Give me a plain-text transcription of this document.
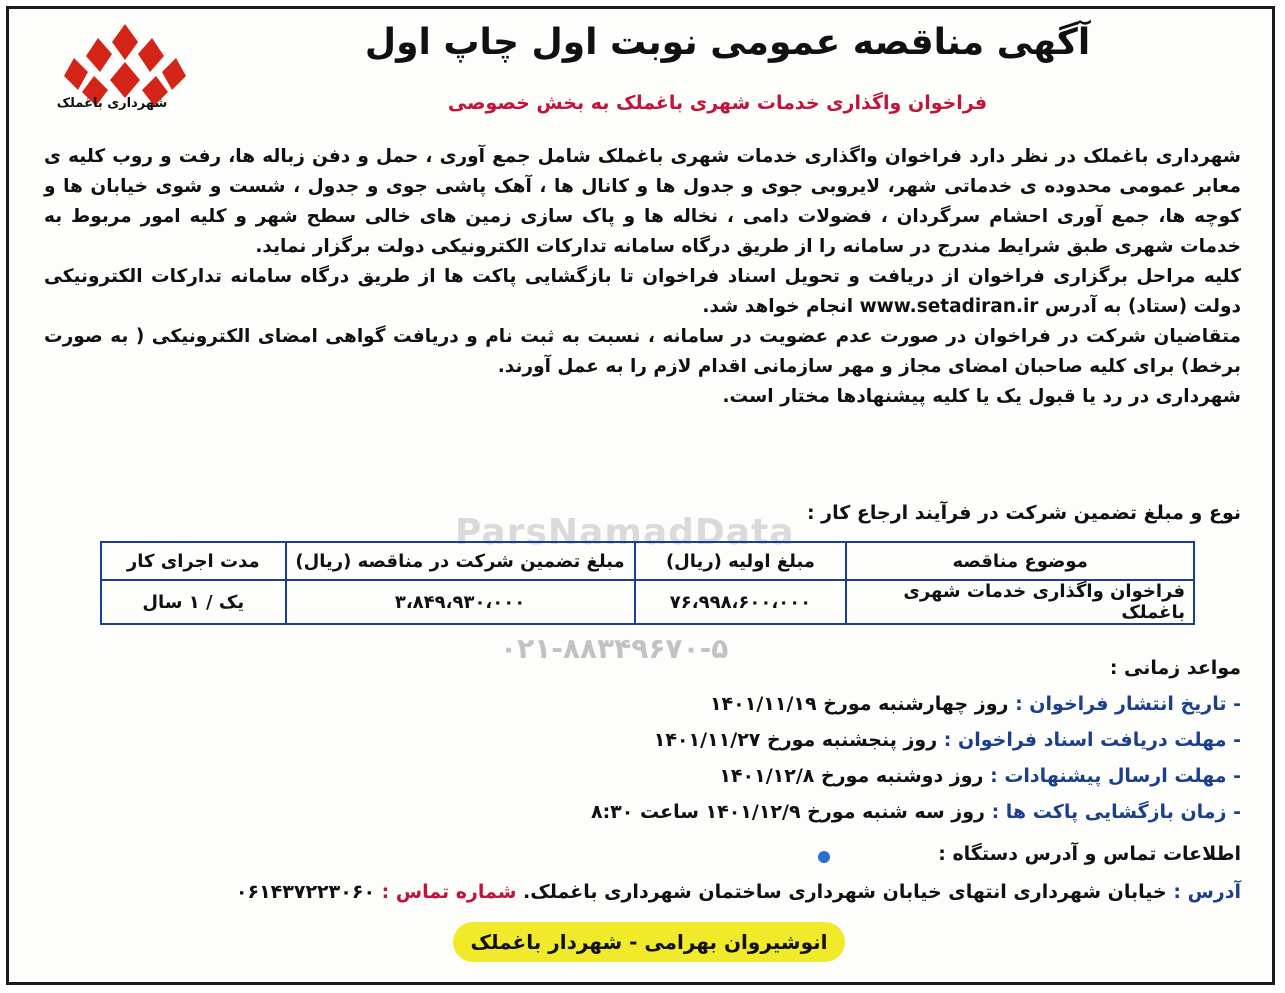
شهرداری باغملک
آگهی مناقصه عمومی نوبت اول چاپ اول
فراخوان واگذاری خدمات شهری باغملک به بخش خصوصی

شهرداری باغملک در نظر دارد فراخوان واگذاری خدمات شهری باغملک شامل جمع آوری ، حمل و دفن زباله ها، رفت و روب کلیه ی معابر عمومی محدوده ی خدماتی شهر، لایروبی جوی و جدول ها و کانال ها ، آهک پاشی جوی و جدول ، شست و شوی خیابان ها و کوچه ها، جمع آوری احشام سرگردان ، فضولات دامی ، نخاله ها و پاک سازی زمین های خالی سطح شهر و کلیه امور مربوط به خدمات شهری طبق شرایط مندرج در سامانه را از طریق درگاه سامانه تدارکات الکترونیکی دولت برگزار نماید.

کلیه مراحل برگزاری فراخوان از دریافت و تحویل اسناد فراخوان تا بازگشایی پاکت ها از طریق درگاه سامانه تدارکات الکترونیکی دولت (ستاد) به آدرس www.setadiran.ir انجام خواهد شد.

متقاضیان شرکت در فراخوان در صورت عدم عضویت در سامانه ، نسبت به ثبت نام و دریافت گواهی امضای الکترونیکی ( به صورت برخط) برای کلیه صاحبان امضای مجاز و مهر سازمانی اقدام لازم را به عمل آورند.

شهرداری در رد یا قبول یک یا کلیه پیشنهادها مختار است.

ParsNamadData نوع و مبلغ تضمین شرکت در فرآیند ارجاع کار :
موضوع مناقصه	مبلغ اولیه (ریال)	مبلغ تضمین شرکت در مناقصه (ریال)	مدت اجرای کار
فراخوان واگذاری خدمات شهری باغملک	۷۶،۹۹۸،۶۰۰،۰۰۰	۳،۸۴۹،۹۳۰،۰۰۰	یک / ۱ سال
۰۲۱-۸۸۳۴۹۶۷۰-۵
مواعد زمانی :
- تاریخ انتشار فراخوان : روز چهارشنبه مورخ ۱۴۰۱/۱۱/۱۹
- مهلت دریافت اسناد فراخوان : روز پنجشنبه مورخ ۱۴۰۱/۱۱/۲۷
- مهلت ارسال پیشنهادات : روز دوشنبه مورخ ۱۴۰۱/۱۲/۸
- زمان بازگشایی پاکت ها : روز سه شنبه مورخ ۱۴۰۱/۱۲/۹ ساعت ۸:۳۰
اطلاعات تماس و آدرس دستگاه :
آدرس : خیابان شهرداری انتهای خیابان شهرداری ساختمان شهرداری باغملک. شماره تماس : ۰۶۱۴۳۷۲۲۳۰۶۰
انوشیروان بهرامی - شهردار باغملک
